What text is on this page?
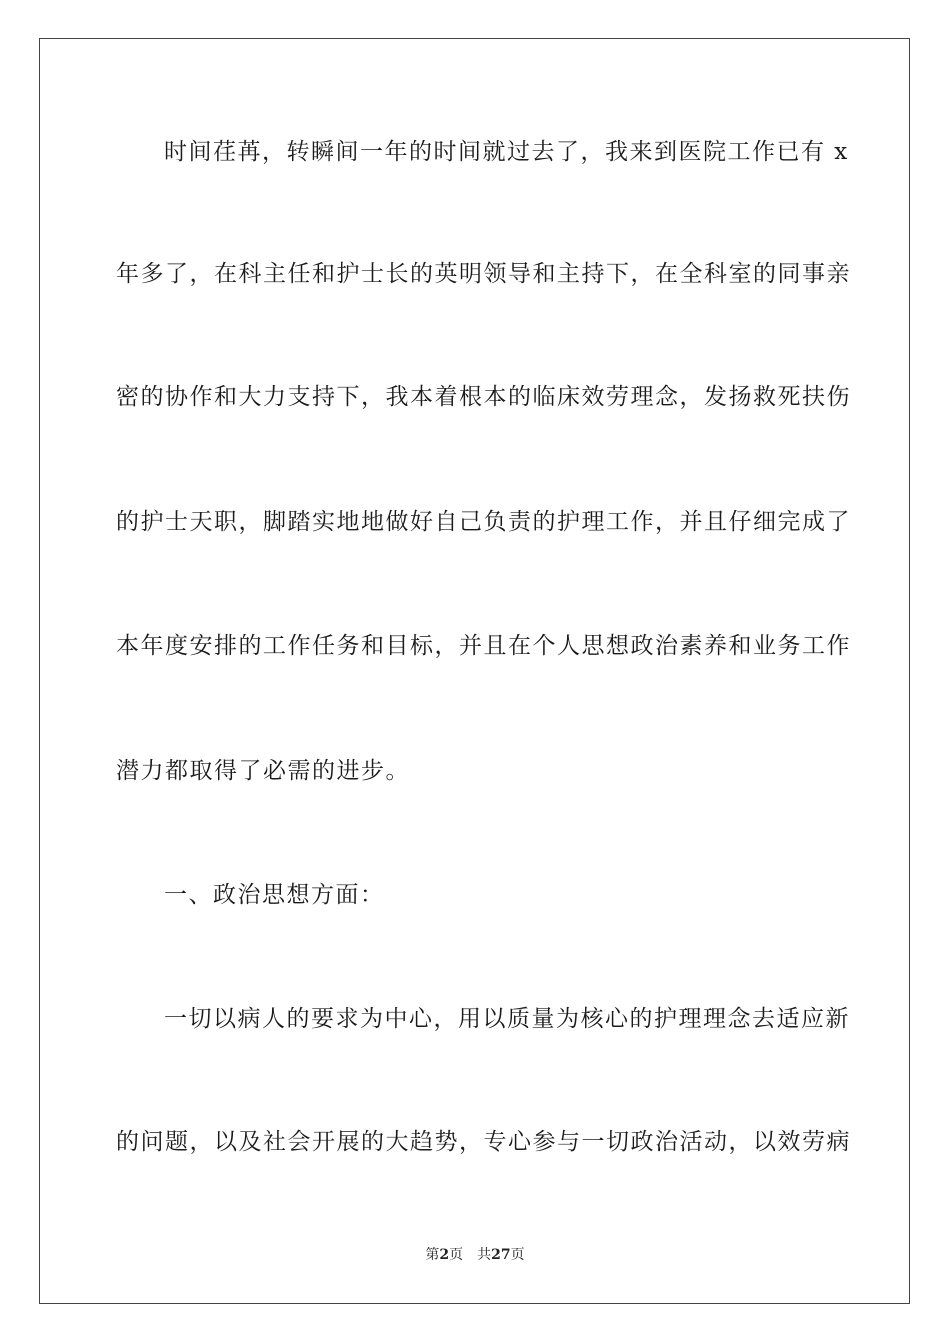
时间荏苒，转瞬间一年的时间就过去了，我来到医院工作已有 x
年多了，在科主任和护士长的英明领导和主持下，在全科室的同事亲
密的协作和大力支持下，我本着根本的临床效劳理念，发扬救死扶伤
的护士天职，脚踏实地地做好自己负责的护理工作，并且仔细完成了
本年度安排的工作任务和目标，并且在个人思想政治素养和业务工作
潜力都取得了必需的进步。
一、政治思想方面：
一切以病人的要求为中心，用以质量为核心的护理理念去适应新
的问题，以及社会开展的大趋势，专心参与一切政治活动，以效劳病
第2页 共27页
